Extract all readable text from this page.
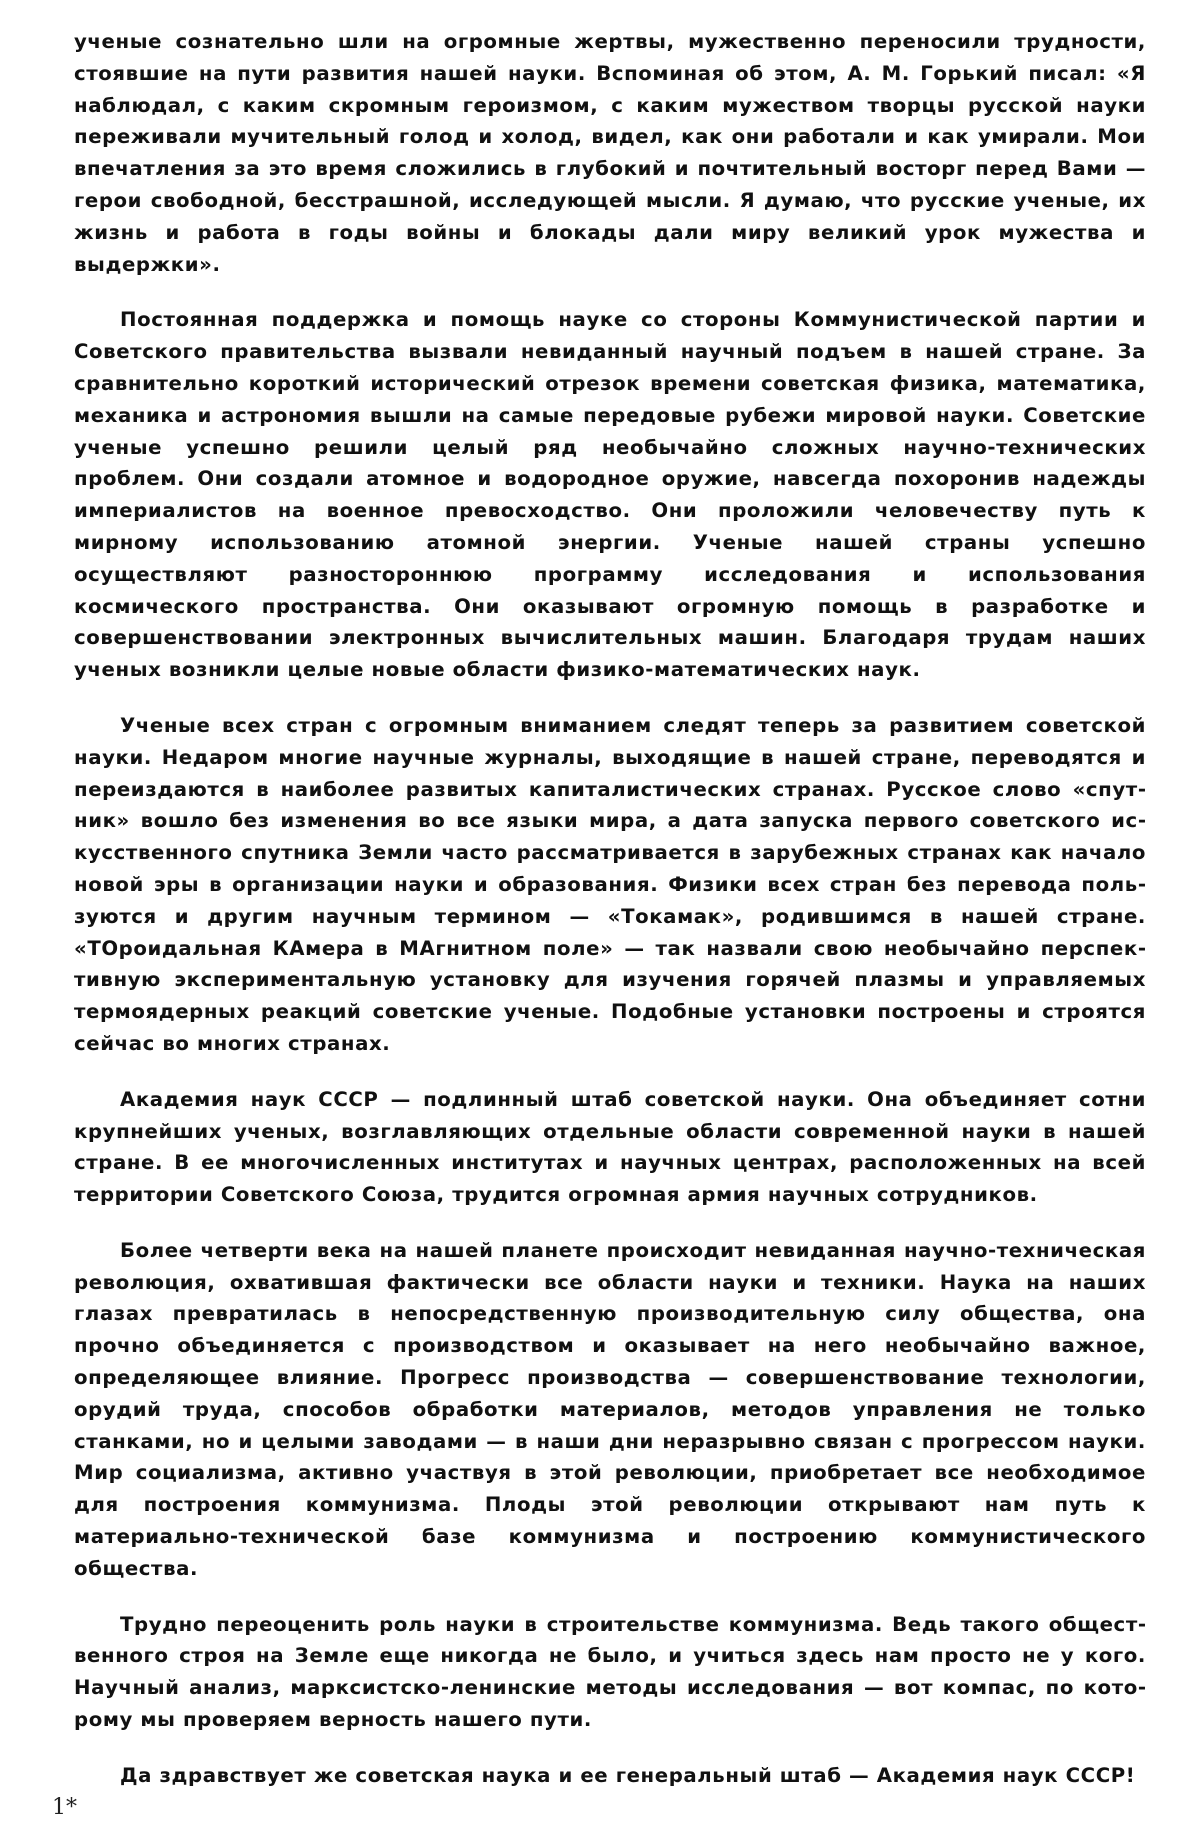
ученые сознательно шли на огромные жертвы, мужественно переносили трудности, стоявшие на пути развития нашей науки. Вспоминая об этом, А. М. Горький писал: «Я наблюдал, с каким скромным героизмом, с каким мужеством творцы русской науки переживали мучительный голод и холод, видел, как они работали и как умирали. Мои впечатления за это время сложились в глубокий и почтительный восторг перед Вами — герои свободной, бесстрашной, исследующей мысли. Я думаю, что русские ученые, их жизнь и работа в годы войны и блокады дали миру великий урок мужества и выдержки».

Постоянная поддержка и помощь науке со стороны Коммунистической партии и Советского правительства вызвали невиданный научный подъем в нашей стране. За сравнительно короткий исторический отрезок времени советская физика, математика, механика и астрономия вышли на самые передовые рубежи мировой науки. Советские ученые успешно решили целый ряд необычайно сложных научно-технических проблем. Они создали атомное и водородное оружие, навсегда похоронив надежды империалистов на военное превосходство. Они проложили человечеству путь к мирному использованию атомной энергии. Ученые нашей страны успешно осуществляют разностороннюю программу исследования и использования космического пространства. Они оказывают огромную помощь в разработке и совершенствовании электронных вычислительных машин. Благодаря трудам наших ученых возникли целые новые области физико-математических наук.

Ученые всех стран с огромным вниманием следят теперь за развитием советской науки. Недаром многие научные журналы, выходящие в нашей стране, переводятся и переиздаются в наиболее развитых капиталистических странах. Русское слово «спутник» вошло без изменения во все языки мира, а дата запуска первого советского искусственного спутника Земли часто рассматривается в зарубежных странах как начало новой эры в организации науки и образования. Физики всех стран без перевода пользуются и другим научным термином — «Токамак», родившимся в нашей стране. «ТОроидальная КАмера в МАгнитном поле» — так назвали свою необычайно перспективную экспериментальную установку для изучения горячей плазмы и управляемых термоядерных реакций советские ученые. Подобные установки построены и строятся сейчас во многих странах.

Академия наук СССР — подлинный штаб советской науки. Она объединяет сотни крупнейших ученых, возглавляющих отдельные области современной науки в нашей стране. В ее многочисленных институтах и научных центрах, расположенных на всей территории Советского Союза, трудится огромная армия научных сотрудников.

Более четверти века на нашей планете происходит невиданная научно-техническая революция, охватившая фактически все области науки и техники. Наука на наших глазах превратилась в непосредственную производительную силу общества, она прочно объединяется с производством и оказывает на него необычайно важное, определяющее влияние. Прогресс производства — совершенствование технологии, орудий труда, способов обработки материалов, методов управления не только станками, но и целыми заводами — в наши дни неразрывно связан с прогрессом науки. Мир социализма, активно участвуя в этой революции, приобретает все необходимое для построения коммунизма. Плоды этой революции открывают нам путь к материально-технической базе коммунизма и построению коммунистического общества.

Трудно переоценить роль науки в строительстве коммунизма. Ведь такого общественного строя на Земле еще никогда не было, и учиться здесь нам просто не у кого. Научный анализ, марксистско-ленинские методы исследования — вот компас, по которому мы проверяем верность нашего пути.

Да здравствует же советская наука и ее генеральный штаб — Академия наук СССР!

1*
